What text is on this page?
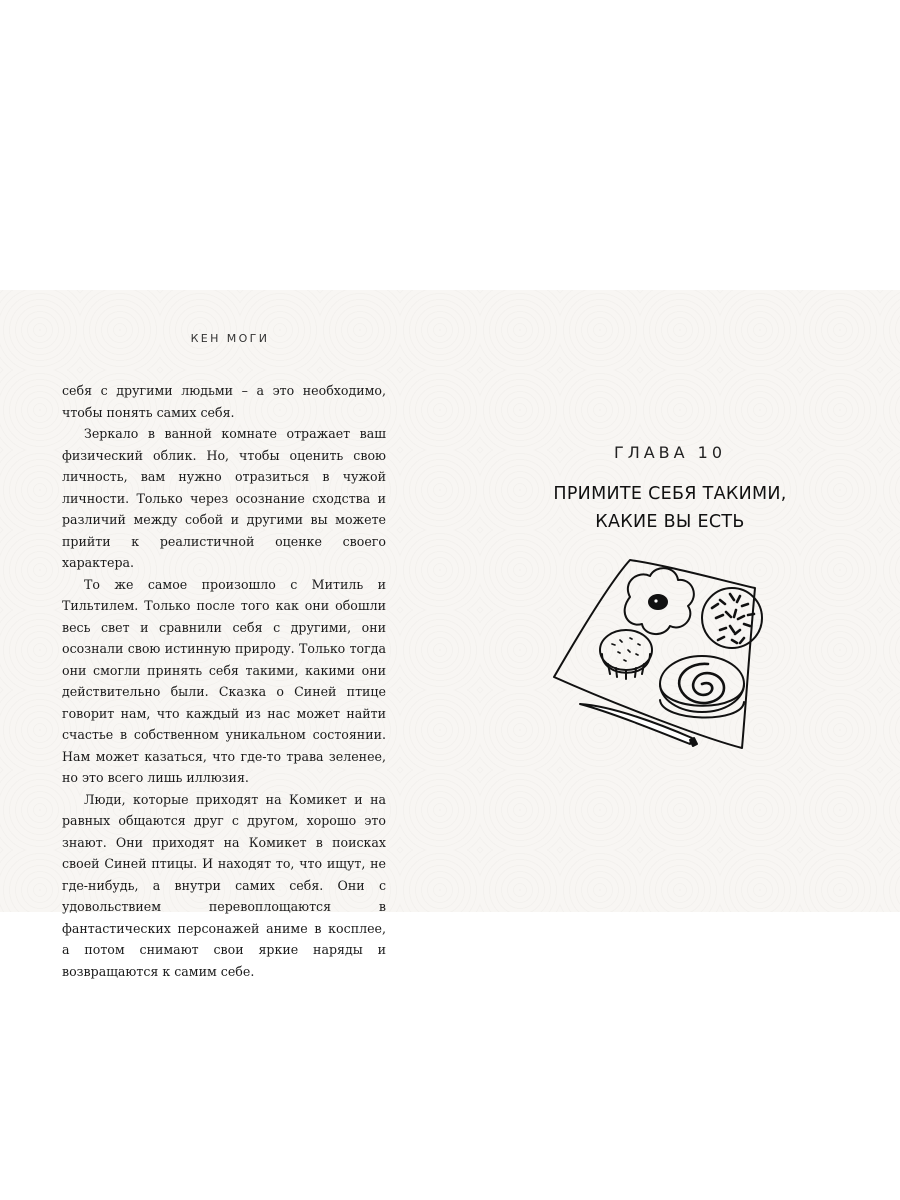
КЕН МОГИ

себя с другими людьми – а это необходимо, чтобы понять самих себя.

Зеркало в ванной комнате отражает ваш физический облик. Но, чтобы оценить свою личность, вам нужно отразиться в чужой личности. Только через осознание сходства и различий между собой и другими вы можете прийти к реалистичной оценке своего характера.

То же самое произошло с Митиль и Тильтилем. Только после того как они обошли весь свет и сравнили себя с другими, они осознали свою истинную природу. Только тогда они смогли принять себя такими, какими они действительно были. Сказка о Синей птице говорит нам, что каждый из нас может найти счастье в собственном уникальном состоянии. Нам может казаться, что где-то трава зеленее, но это всего лишь иллюзия.

Люди, которые приходят на Комикет и на равных общаются друг с другом, хорошо это знают. Они приходят на Комикет в поисках своей Синей птицы. И находят то, что ищут, не где-нибудь, а внутри самих себя. Они с удовольствием перевоплощаются в фантастических персонажей аниме в косплее, а потом снимают свои яркие наряды и возвращаются к самим себе.

ГЛАВА 10
ПРИМИТЕ СЕБЯ ТАКИМИ,
КАКИЕ ВЫ ЕСТЬ
